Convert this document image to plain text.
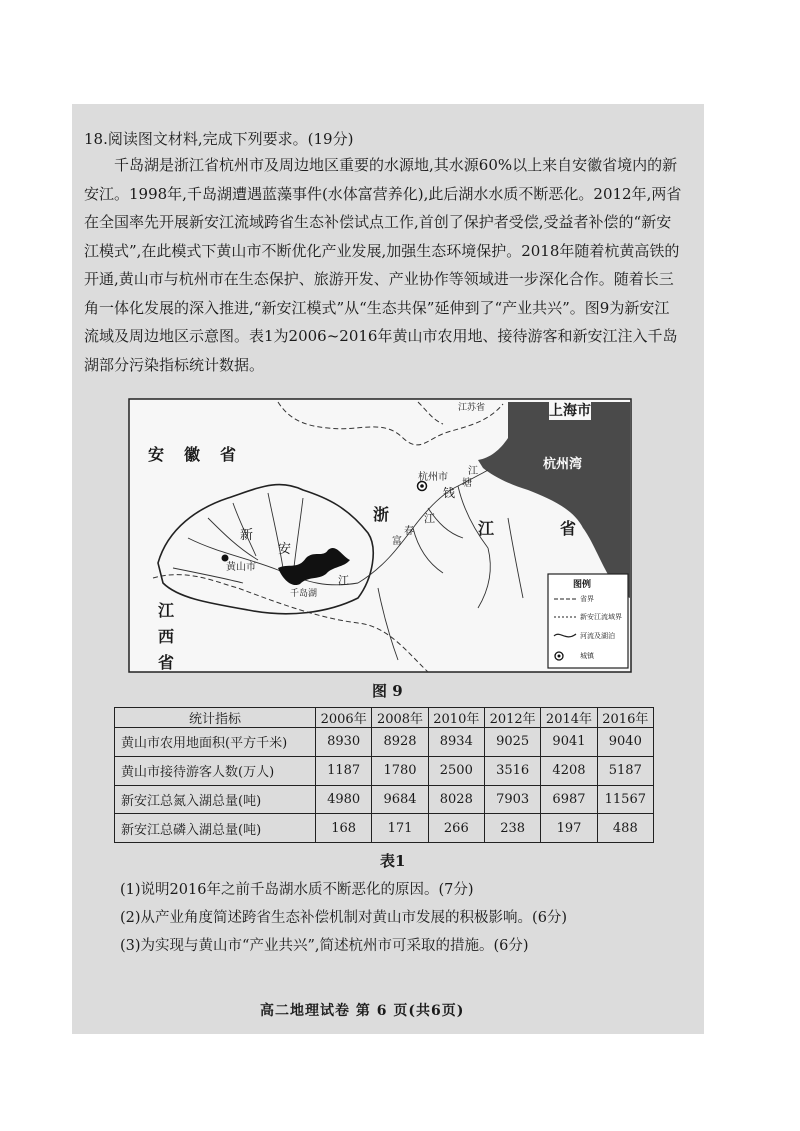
18.阅读图文材料,完成下列要求。(19分)

千岛湖是浙江省杭州市及周边地区重要的水源地,其水源60%以上来自安徽省境内的新安江。1998年,千岛湖遭遇蓝藻事件(水体富营养化),此后湖水水质不断恶化。2012年,两省在全国率先开展新安江流域跨省生态补偿试点工作,首创了保护者受偿,受益者补偿的“新安江模式”,在此模式下黄山市不断优化产业发展,加强生态环境保护。2018年随着杭黄高铁的开通,黄山市与杭州市在生态保护、旅游开发、产业协作等领域进一步深化合作。随着长三角一体化发展的深入推进,“新安江模式”从“生态共保”延伸到了“产业共兴”。图9为新安江流域及周边地区示意图。表1为2006~2016年黄山市农用地、接待游客和新安江注入千岛湖部分污染指标统计数据。

安　徽　省
江苏省	上海市
杭州湾
杭州市
钱
塘
江
浙
江	省
富
春
江
新
安
江
黄山市
千岛湖
江西省
图例
省界
新安江流域界
河流及湖泊
城镇
图 9
统计指标	2006年	2008年	2010年	2012年	2014年	2016年
黄山市农用地面积(平方千米)	8930	8928	8934	9025	9041	9040
黄山市接待游客人数(万人)	1187	1780	2500	3516	4208	5187
新安江总氮入湖总量(吨)	4980	9684	8028	7903	6987	11567
新安江总磷入湖总量(吨)	168	171	266	238	197	488
表1
(1)说明2016年之前千岛湖水质不断恶化的原因。(7分)
(2)从产业角度简述跨省生态补偿机制对黄山市发展的积极影响。(6分)
(3)为实现与黄山市“产业共兴”,简述杭州市可采取的措施。(6分)
高二地理试卷 第 6 页(共6页)
